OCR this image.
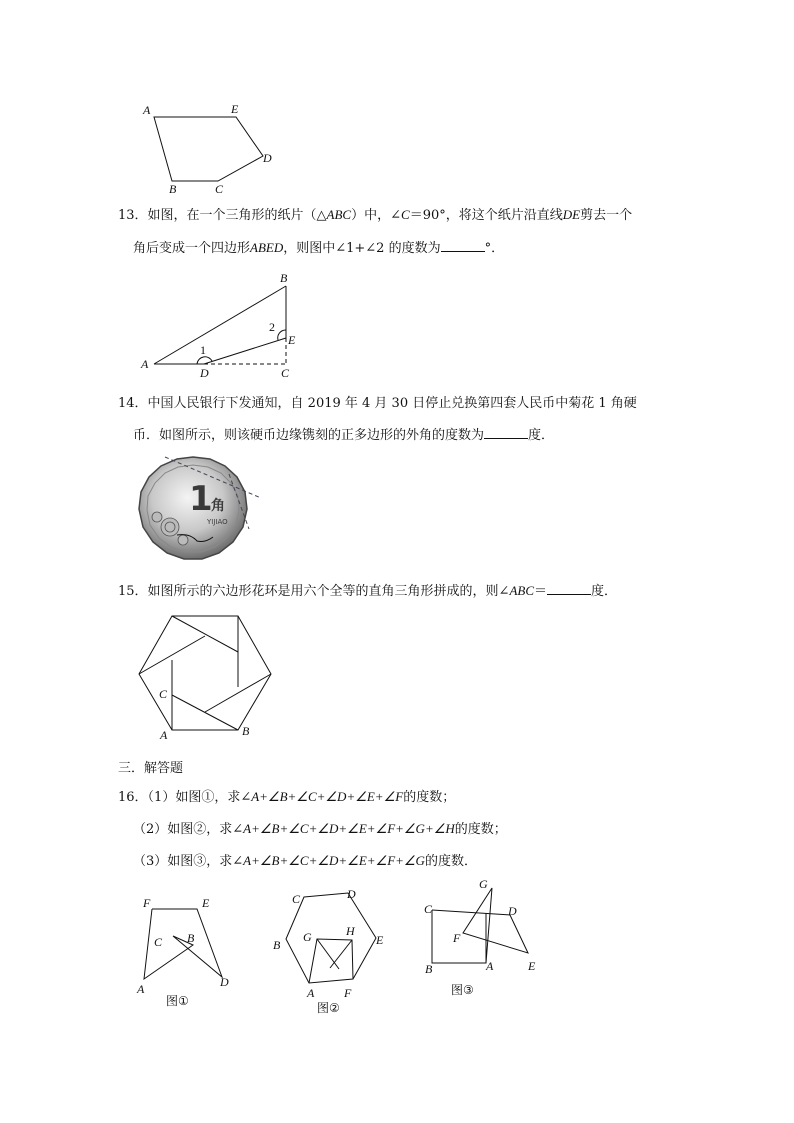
A	E
D
B	C
13．如图，在一个三角形的纸片（△ABC）中，∠C＝90°，将这个纸片沿直线DE剪去一个
角后变成一个四边形ABED，则图中∠1+∠2 的度数为	°．
B
2
E
A
1
D	C
14．中国人民银行下发通知，自 2019 年 4 月 30 日停止兑换第四套人民币中菊花 1 角硬
币．如图所示，则该硬币边缘镌刻的正多边形的外角的度数为	度．
1
角
YIJIAO
15．如图所示的六边形花环是用六个全等的直角三角形拼成的，则∠ABC＝	度．
C
A	B
三．解答题
16．（1）如图①，求∠A+∠B+∠C+∠D+∠E+∠F的度数；
（2）如图②，求∠A+∠B+∠C+∠D+∠E+∠F+∠G+∠H的度数；
（3）如图③，求∠A+∠B+∠C+∠D+∠E+∠F+∠G的度数．
F	E
C B
A	D
图①
C	D
B
G	H
E
A F
图②
G
C	D
F
B	A	E
图③
